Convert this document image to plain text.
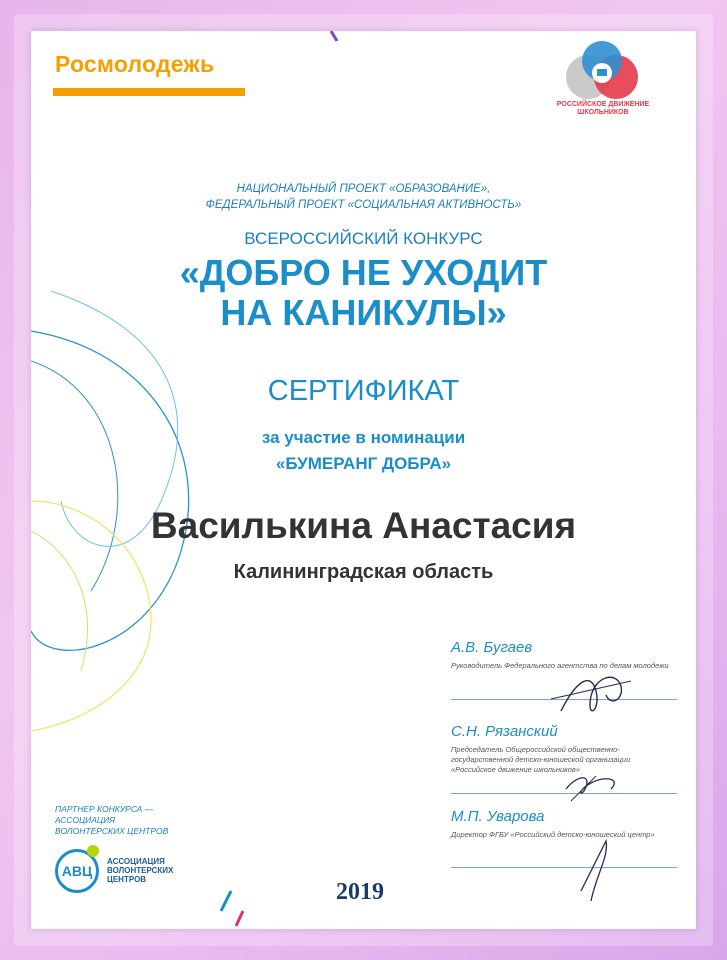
Росмолодежь
РОССИЙСКОЕ ДВИЖЕНИЕ ШКОЛЬНИКОВ
НАЦИОНАЛЬНЫЙ ПРОЕКТ «ОБРАЗОВАНИЕ»,
ФЕДЕРАЛЬНЫЙ ПРОЕКТ «СОЦИАЛЬНАЯ АКТИВНОСТЬ»
ВСЕРОССИЙСКИЙ КОНКУРС
«ДОБРО НЕ УХОДИТ
НА КАНИКУЛЫ»
СЕРТИФИКАТ
за участие в номинации
«БУМЕРАНГ ДОБРА»
Василькина Анастасия
Калининградская область
А.В. Бугаев
Руководитель Федерального агентства по делам молодежи
С.Н. Рязанский
Председатель Общероссийской общественно-государственной детско-юношеской организации «Российское движение школьников»
М.П. Уварова
Директор ФГБУ «Российский детско-юношеский центр»
ПАРТНЕР КОНКУРСА —
АССОЦИАЦИЯ
ВОЛОНТЕРСКИХ ЦЕНТРОВ
АВЦ
АССОЦИАЦИЯ
ВОЛОНТЕРСКИХ
ЦЕНТРОВ	2019
